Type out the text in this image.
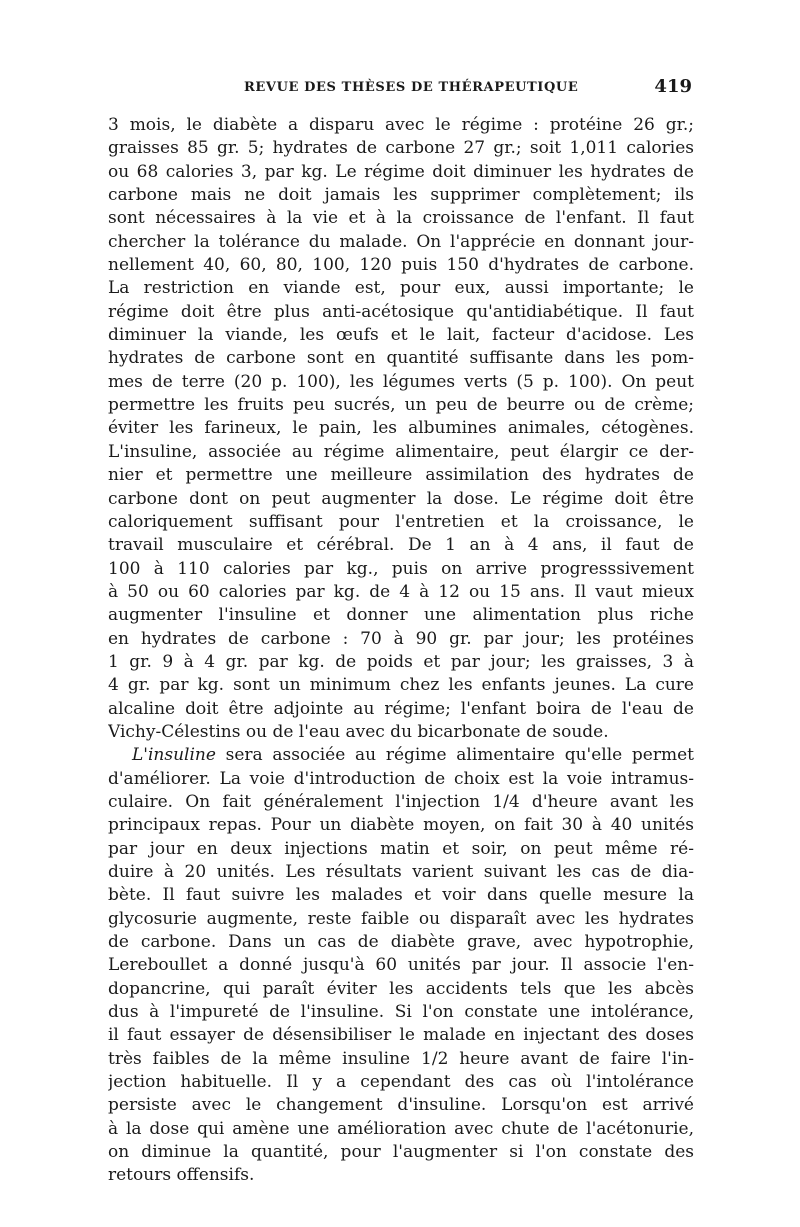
REVUE DES THÈSES DE THÉRAPEUTIQUE	419
3 mois, le diabète a disparu avec le régime : protéine 26 gr.;
graisses 85 gr. 5; hydrates de carbone 27 gr.; soit 1,011 calories
ou 68 calories 3, par kg. Le régime doit diminuer les hydrates de
carbone mais ne doit jamais les supprimer complètement; ils
sont nécessaires à la vie et à la croissance de l'enfant. Il faut
chercher la tolérance du malade. On l'apprécie en donnant jour-
nellement 40, 60, 80, 100, 120 puis 150 d'hydrates de carbone.
La restriction en viande est, pour eux, aussi importante; le
régime doit être plus anti-acétosique qu'antidiabétique. Il faut
diminuer la viande, les œufs et le lait, facteur d'acidose. Les
hydrates de carbone sont en quantité suffisante dans les pom-
mes de terre (20 p. 100), les légumes verts (5 p. 100). On peut
permettre les fruits peu sucrés, un peu de beurre ou de crème;
éviter les farineux, le pain, les albumines animales, cétogènes.
L'insuline, associée au régime alimentaire, peut élargir ce der-
nier et permettre une meilleure assimilation des hydrates de
carbone dont on peut augmenter la dose. Le régime doit être
caloriquement suffisant pour l'entretien et la croissance, le
travail musculaire et cérébral. De 1 an à 4 ans, il faut de
100 à 110 calories par kg., puis on arrive progresssivement
à 50 ou 60 calories par kg. de 4 à 12 ou 15 ans. Il vaut mieux
augmenter l'insuline et donner une alimentation plus riche
en hydrates de carbone : 70 à 90 gr. par jour; les protéines
1 gr. 9 à 4 gr. par kg. de poids et par jour; les graisses, 3 à
4 gr. par kg. sont un minimum chez les enfants jeunes. La cure
alcaline doit être adjointe au régime; l'enfant boira de l'eau de
Vichy-Célestins ou de l'eau avec du bicarbonate de soude.
L'insuline sera associée au régime alimentaire qu'elle permet
d'améliorer. La voie d'introduction de choix est la voie intramus-
culaire. On fait généralement l'injection 1/4 d'heure avant les
principaux repas. Pour un diabète moyen, on fait 30 à 40 unités
par jour en deux injections matin et soir, on peut même ré-
duire à 20 unités. Les résultats varient suivant les cas de dia-
bète. Il faut suivre les malades et voir dans quelle mesure la
glycosurie augmente, reste faible ou disparaît avec les hydrates
de carbone. Dans un cas de diabète grave, avec hypotrophie,
Lereboullet a donné jusqu'à 60 unités par jour. Il associe l'en-
dopancrine, qui paraît éviter les accidents tels que les abcès
dus à l'impureté de l'insuline. Si l'on constate une intolérance,
il faut essayer de désensibiliser le malade en injectant des doses
très faibles de la même insuline 1/2 heure avant de faire l'in-
jection habituelle. Il y a cependant des cas où l'intolérance
persiste avec le changement d'insuline. Lorsqu'on est arrivé
à la dose qui amène une amélioration avec chute de l'acétonurie,
on diminue la quantité, pour l'augmenter si l'on constate des
retours offensifs.
